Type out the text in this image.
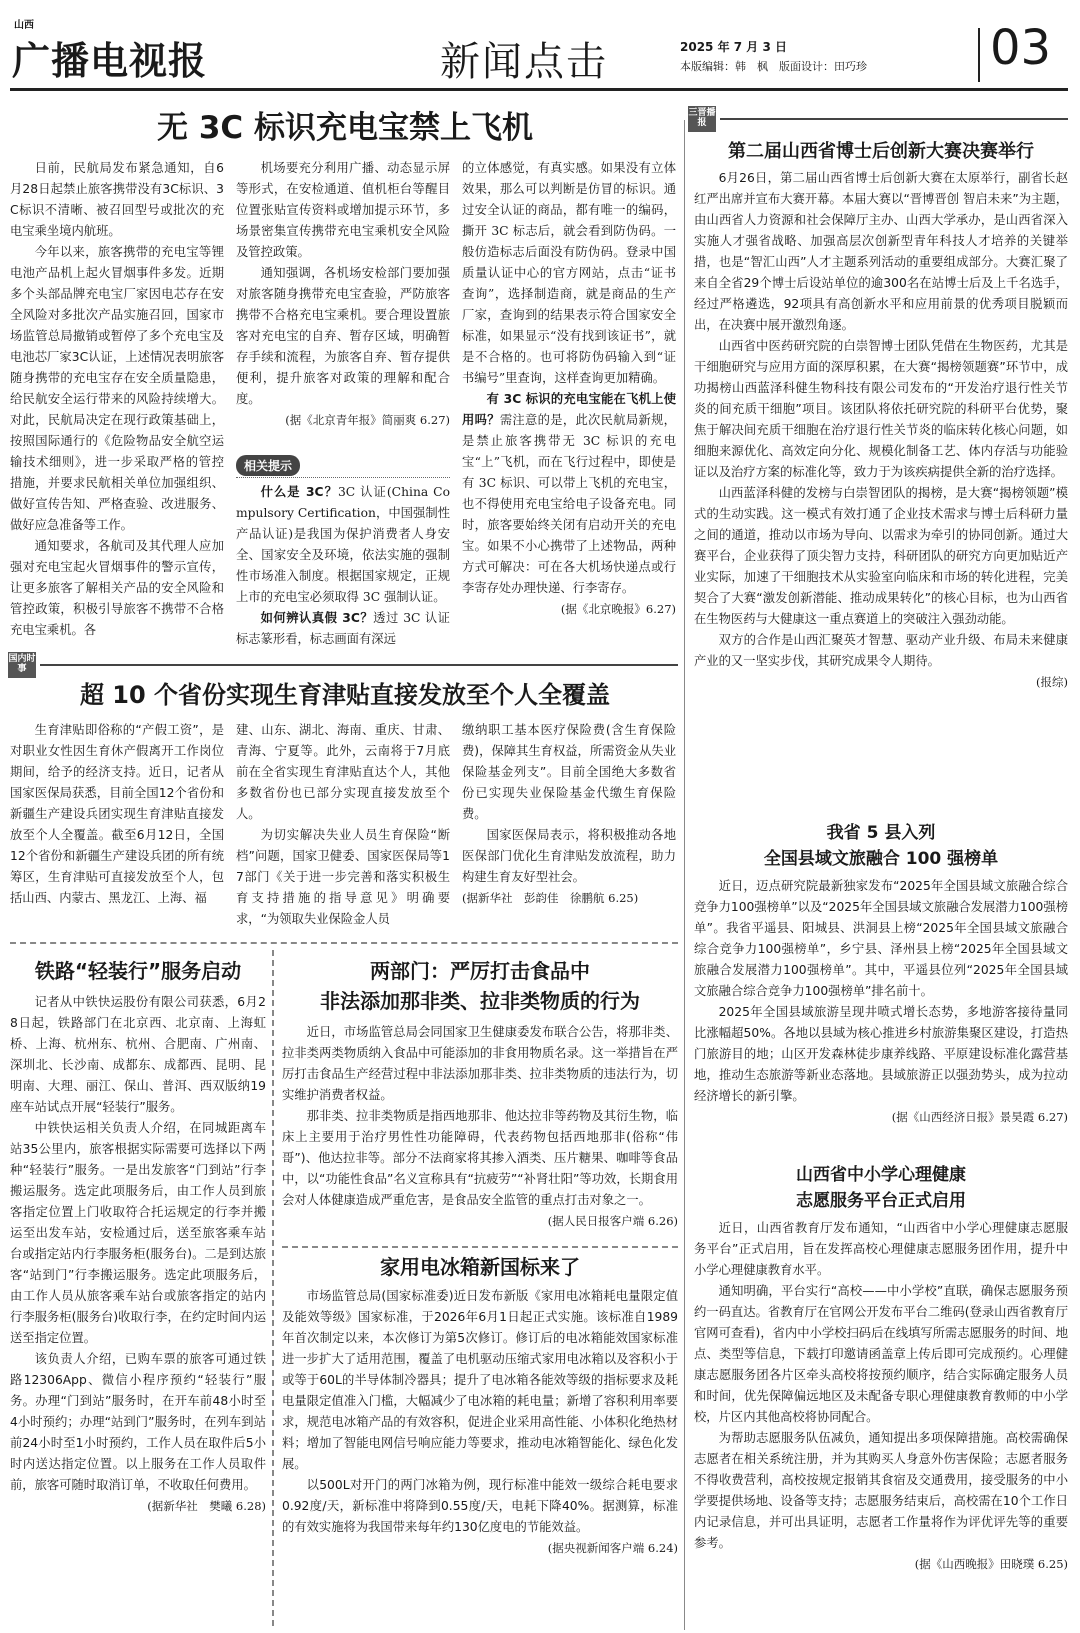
山西
广播电视报	新闻点击	2025 年 7 月 3 日
本版编辑：韩　枫　版面设计：田巧珍	03
无 3C 标识充电宝禁上飞机

日前，民航局发布紧急通知，自6月28日起禁止旅客携带没有3C标识、3C标识不清晰、被召回型号或批次的充电宝乘坐境内航班。

今年以来，旅客携带的充电宝等锂电池产品机上起火冒烟事件多发。近期多个头部品牌充电宝厂家因电芯存在安全风险对多批次产品实施召回，国家市场监管总局撤销或暂停了多个充电宝及电池芯厂家3C认证，上述情况表明旅客随身携带的充电宝存在安全质量隐患，给民航安全运行带来的风险持续增大。对此，民航局决定在现行政策基础上，按照国际通行的《危险物品安全航空运输技术细则》，进一步采取严格的管控措施，并要求民航相关单位加强组织、做好宣传告知、严格查验、改进服务、做好应急准备等工作。

通知要求，各航司及其代理人应加强对充电宝起火冒烟事件的警示宣传，让更多旅客了解相关产品的安全风险和管控政策，积极引导旅客不携带不合格充电宝乘机。各

机场要充分利用广播、动态显示屏等形式，在安检通道、值机柜台等醒目位置张贴宣传资料或增加提示环节，多场景密集宣传携带充电宝乘机安全风险及管控政策。

通知强调，各机场安检部门要加强对旅客随身携带充电宝查验，严防旅客携带不合格充电宝乘机。要合理设置旅客对充电宝的自弃、暂存区域，明确暂存手续和流程，为旅客自弃、暂存提供便利，提升旅客对政策的理解和配合度。

(据《北京青年报》简丽爽 6.27)

相关提示

什么是 3C？3C 认证(China Compulsory Certification，中国强制性产品认证)是我国为保护消费者人身安全、国家安全及环境，依法实施的强制性市场准入制度。根据国家规定，正规上市的充电宝必须取得 3C 强制认证。

如何辨认真假 3C？透过 3C 认证标志篆形看，标志画面有深远

的立体感觉，有真实感。如果没有立体效果，那么可以判断是仿冒的标识。通过安全认证的商品，都有唯一的编码，撕开 3C 标志后，就会看到防伪码。一般仿造标志后面没有防伪码。登录中国质量认证中心的官方网站，点击“证书查询”，选择制造商，就是商品的生产厂家，查询到的结果表示符合国家安全标准，如果显示“没有找到该证书”，就是不合格的。也可将防伪码输入到“证书编号”里查询，这样查询更加精确。

有 3C 标识的充电宝能在飞机上使用吗？需注意的是，此次民航局新规，是禁止旅客携带无 3C 标识的充电宝“上”飞机，而在飞行过程中，即使是有 3C 标识、可以带上飞机的充电宝，也不得使用充电宝给电子设备充电。同时，旅客要始终关闭有启动开关的充电宝。如果不小心携带了上述物品，两种方式可解决：可在各大机场快递点或行李寄存处办理快递、行李寄存。

(据《北京晚报》6.27)

国内时事
超 10 个省份实现生育津贴直接发放至个人全覆盖

生育津贴即俗称的“产假工资”，是对职业女性因生育休产假离开工作岗位期间，给予的经济支持。近日，记者从国家医保局获悉，目前全国12个省份和新疆生产建设兵团实现生育津贴直接发放至个人全覆盖。截至6月12日，全国12个省份和新疆生产建设兵团的所有统筹区，生育津贴可直接发放至个人，包括山西、内蒙古、黑龙江、上海、福

建、山东、湖北、海南、重庆、甘肃、青海、宁夏等。此外，云南将于7月底前在全省实现生育津贴直达个人，其他多数省份也已部分实现直接发放至个人。

为切实解决失业人员生育保险“断档”问题，国家卫健委、国家医保局等17部门《关于进一步完善和落实积极生育支持措施的指导意见》明确要求，“为领取失业保险金人员

缴纳职工基本医疗保险费(含生育保险费)，保障其生育权益，所需资金从失业保险基金列支”。目前全国绝大多数省份已实现失业保险基金代缴生育保险费。

国家医保局表示，将积极推动各地医保部门优化生育津贴发放流程，助力构建生育友好型社会。

(据新华社　彭韵佳　徐鹏航 6.25)

铁路“轻装行”服务启动

记者从中铁快运股份有限公司获悉，6月28日起，铁路部门在北京西、北京南、上海虹桥、上海、杭州东、杭州、合肥南、广州南、深圳北、长沙南、成都东、成都西、昆明、昆明南、大理、丽江、保山、普洱、西双版纳19座车站试点开展“轻装行”服务。

中铁快运相关负责人介绍，在同城距离车站35公里内，旅客根据实际需要可选择以下两种“轻装行”服务。一是出发旅客“门到站”行李搬运服务。选定此项服务后，由工作人员到旅客指定位置上门收取符合托运规定的行李并搬运至出发车站，安检通过后，送至旅客乘车站台或指定站内行李服务柜(服务台)。二是到达旅客“站到门”行李搬运服务。选定此项服务后，由工作人员从旅客乘车站台或旅客指定的站内行李服务柜(服务台)收取行李，在约定时间内运送至指定位置。

该负责人介绍，已购车票的旅客可通过铁路12306App、微信小程序预约“轻装行”服务。办理“门到站”服务时，在开车前48小时至4小时预约；办理“站到门”服务时，在列车到站前24小时至1小时预约，工作人员在取件后5小时内送达指定位置。以上服务在工作人员取件前，旅客可随时取消订单，不收取任何费用。

(据新华社　樊曦 6.28)

两部门：严厉打击食品中
非法添加那非类、拉非类物质的行为

近日，市场监管总局会同国家卫生健康委发布联合公告，将那非类、拉非类两类物质纳入食品中可能添加的非食用物质名录。这一举措旨在严厉打击食品生产经营过程中非法添加那非类、拉非类物质的违法行为，切实维护消费者权益。

那非类、拉非类物质是指西地那非、他达拉非等药物及其衍生物，临床上主要用于治疗男性性功能障碍，代表药物包括西地那非(俗称“伟哥”)、他达拉非等。部分不法商家将其掺入酒类、压片糖果、咖啡等食品中，以“功能性食品”名义宣称具有“抗疲劳”“补肾壮阳”等功效，长期食用会对人体健康造成严重危害，是食品安全监管的重点打击对象之一。

(据人民日报客户端 6.26)

家用电冰箱新国标来了

市场监管总局(国家标准委)近日发布新版《家用电冰箱耗电量限定值及能效等级》国家标准，于2026年6月1日起正式实施。该标准自1989年首次制定以来，本次修订为第5次修订。修订后的电冰箱能效国家标准进一步扩大了适用范围，覆盖了电机驱动压缩式家用电冰箱以及容积小于或等于60L的半导体制冷器具；提升了电冰箱各能效等级的指标要求及耗电量限定值准入门槛，大幅减少了电冰箱的耗电量；新增了容积利用率要求，规范电冰箱产品的有效容积，促进企业采用高性能、小体积化绝热材料；增加了智能电网信号响应能力等要求，推动电冰箱智能化、绿色化发展。

以500L对开门的两门冰箱为例，现行标准中能效一级综合耗电要求0.92度/天，新标准中将降到0.55度/天，电耗下降40%。据测算，标准的有效实施将为我国带来每年约130亿度电的节能效益。

(据央视新闻客户端 6.24)

三晋播报
第二届山西省博士后创新大赛决赛举行

6月26日，第二届山西省博士后创新大赛在太原举行，副省长赵红严出席并宣布大赛开幕。本届大赛以“晋博晋创 智启未来”为主题，由山西省人力资源和社会保障厅主办、山西大学承办，是山西省深入实施人才强省战略、加强高层次创新型青年科技人才培养的关键举措，也是“智汇山西”人才主题系列活动的重要组成部分。大赛汇聚了来自全省29个博士后设站单位的逾300名在站博士后及上千名选手，经过严格遴选，92项具有高创新水平和应用前景的优秀项目脱颖而出，在决赛中展开激烈角逐。

山西省中医药研究院的白崇智博士团队凭借在生物医药，尤其是干细胞研究与应用方面的深厚积累，在大赛“揭榜领题赛”环节中，成功揭榜山西蓝泽科健生物科技有限公司发布的“开发治疗退行性关节炎的间充质干细胞”项目。该团队将依托研究院的科研平台优势，聚焦于解决间充质干细胞在治疗退行性关节炎的临床转化核心问题，如细胞来源优化、高效定向分化、规模化制备工艺、体内存活与功能验证以及治疗方案的标准化等，致力于为该疾病提供全新的治疗选择。

山西蓝泽科健的发榜与白崇智团队的揭榜，是大赛“揭榜领题”模式的生动实践。这一模式有效打通了企业技术需求与博士后科研力量之间的通道，推动以市场为导向、以需求为牵引的协同创新。通过大赛平台，企业获得了顶尖智力支持，科研团队的研究方向更加贴近产业实际，加速了干细胞技术从实验室向临床和市场的转化进程，完美契合了大赛“激发创新潜能、推动成果转化”的核心目标，也为山西省在生物医药与大健康这一重点赛道上的突破注入强劲动能。

双方的合作是山西汇聚英才智慧、驱动产业升级、布局未来健康产业的又一坚实步伐，其研究成果令人期待。

(报综)

我省 5 县入列
全国县域文旅融合 100 强榜单

近日，迈点研究院最新独家发布“2025年全国县域文旅融合综合竞争力100强榜单”以及“2025年全国县域文旅融合发展潜力100强榜单”。我省平遥县、阳城县、洪洞县上榜“2025年全国县域文旅融合综合竞争力100强榜单”，乡宁县、泽州县上榜“2025年全国县域文旅融合发展潜力100强榜单”。其中，平遥县位列“2025年全国县域文旅融合综合竞争力100强榜单”排名前十。

2025年全国县域旅游呈现井喷式增长态势，多地游客接待量同比涨幅超50%。各地以县域为核心推进乡村旅游集聚区建设，打造热门旅游目的地；山区开发森林徒步康养线路、平原建设标准化露营基地，推动生态旅游等新业态落地。县域旅游正以强劲势头，成为拉动经济增长的新引擎。

(据《山西经济日报》景昊霞 6.27)

山西省中小学心理健康
志愿服务平台正式启用

近日，山西省教育厅发布通知，“山西省中小学心理健康志愿服务平台”正式启用，旨在发挥高校心理健康志愿服务团作用，提升中小学心理健康教育水平。

通知明确，平台实行“高校——中小学校”直联，确保志愿服务预约一码直达。省教育厅在官网公开发布平台二维码(登录山西省教育厅官网可查看)，省内中小学校扫码后在线填写所需志愿服务的时间、地点、类型等信息，下载打印邀请函盖章上传后即可完成预约。心理健康志愿服务团各片区牵头高校将按预约顺序，结合实际确定服务人员和时间，优先保障偏远地区及未配备专职心理健康教育教师的中小学校，片区内其他高校将协同配合。

为帮助志愿服务队伍减负，通知提出多项保障措施。高校需确保志愿者在相关系统注册，并为其购买人身意外伤害保险；志愿者服务不得收费营利，高校按规定报销其食宿及交通费用，接受服务的中小学要提供场地、设备等支持；志愿服务结束后，高校需在10个工作日内记录信息，并可出具证明，志愿者工作量将作为评优评先等的重要参考。

(据《山西晚报》田晓璞 6.25)
